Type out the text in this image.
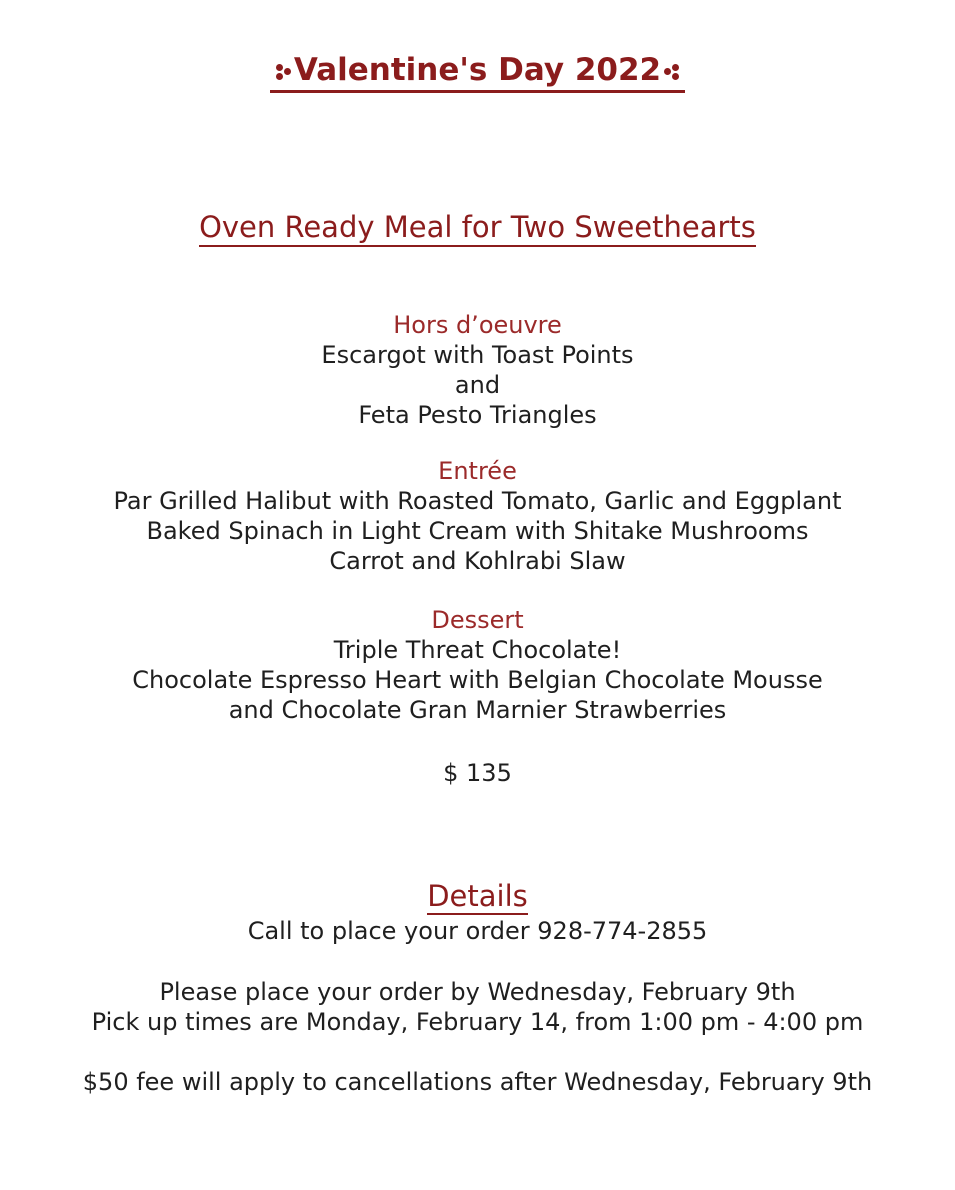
Valentine's Day 2022
Oven Ready Meal for Two Sweethearts
Hors d’oeuvre
Escargot with Toast Points
and
Feta Pesto Triangles
Entrée
Par Grilled Halibut with Roasted Tomato, Garlic and Eggplant
Baked Spinach in Light Cream with Shitake Mushrooms
Carrot and Kohlrabi Slaw
Dessert
Triple Threat Chocolate!
Chocolate Espresso Heart with Belgian Chocolate Mousse
and Chocolate Gran Marnier Strawberries
$ 135
Details
Call to place your order 928-774-2855
Please place your order by Wednesday, February 9th
Pick up times are Monday, February 14, from 1:00 pm - 4:00 pm
$50 fee will apply to cancellations after Wednesday, February 9th
